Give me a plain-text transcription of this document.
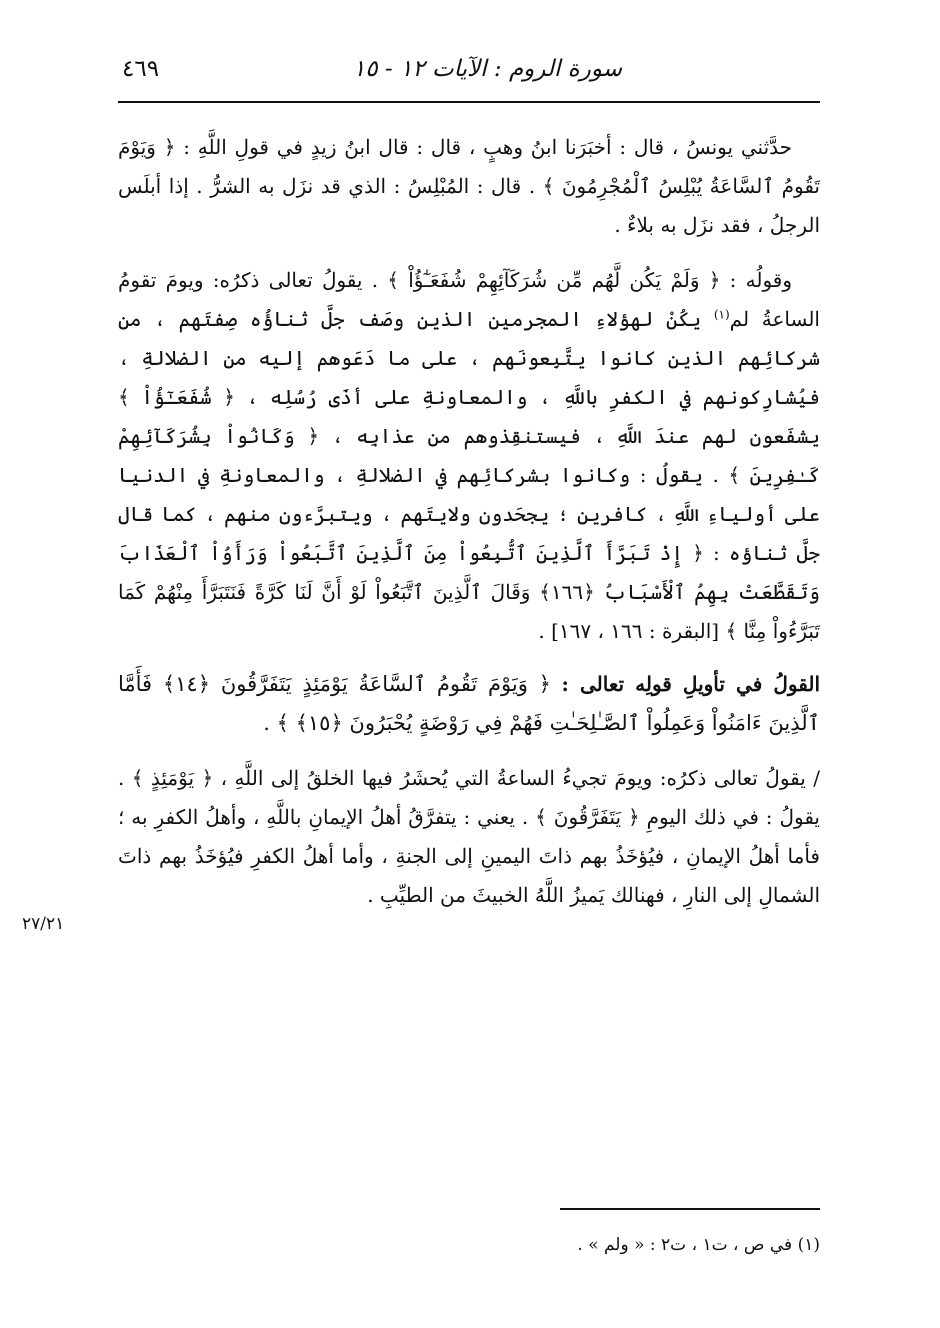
سورة الروم : الآيات ١٢ - ١٥
٤٦٩

حدَّثني يونسُ ، قال : أخبَرَنا ابنُ وهبٍ ، قال : قال ابنُ زيدٍ في قولِ اللَّهِ : ﴿ وَيَوْمَ تَقُومُ ٱلسَّاعَةُ يُبْلِسُ ٱلْمُجْرِمُونَ ﴾ . قال : المُبْلِسُ : الذي قد نزَل به الشرُّ . إذا أبلَس الرجلُ ، فقد نزَل به بلاءٌ .

وقولُه : ﴿ وَلَمْ يَكُن لَّهُم مِّن شُرَكَآئِهِمْ شُفَعَـٰٓؤُاْ ﴾ . يقولُ تعالى ذكرُه: ويومَ تقومُ الساعةُ لم$^{(١)}$ يكُنْ لهؤلاءِ المجرمين الذين وصَف جلَّ ثناؤُه صِفتَهم ، من شركائِهم الذين كانوا يتَّبِعونَهم ، على ما دَعَوهم إليه من الضلالةِ ، فيُشارِكونهم في الكفرِ باللَّهِ ، والمعاونةِ على أذَى رُسُلِه ، ﴿ شُفَعَـٰٓؤُاْ ﴾ يشفَعون لهم عندَ اللَّهِ ، فيستنقِذوهم من عذابِه ، ﴿ وَكَانُواْ بِشُرَكَآئِهِمْ كَـٰفِرِينَ ﴾ . يقولُ : وكانوا بشركائِهم في الضلالةِ ، والمعاونةِ في الدنيا على أولياءِ اللَّهِ ، كافرين ؛ يجحَدون ولايتَهم ، ويتبرَّءون منهم ، كما قال جلَّ ثناؤه : ﴿ إِذْ تَبَرَّأَ ٱلَّذِينَ ٱتُّبِعُواْ مِنَ ٱلَّذِينَ ٱتَّبَعُواْ وَرَأَوُاْ ٱلْعَذَابَ وَتَقَطَّعَتْ بِهِمُ ٱلْأَسْبَابُ ﴿١٦٦﴾ وَقَالَ ٱلَّذِينَ ٱتَّبَعُواْ لَوْ أَنَّ لَنَا كَرَّةً فَنَتَبَرَّأَ مِنْهُمْ كَمَا تَبَرَّءُواْ مِنَّا ﴾ [البقرة : ١٦٦ ، ١٦٧] .

القولُ في تأويلِ قولِه تعالى : ﴿ وَيَوْمَ تَقُومُ ٱلسَّاعَةُ يَوْمَئِذٍ يَتَفَرَّقُونَ ﴿١٤﴾ فَأَمَّا ٱلَّذِينَ ءَامَنُواْ وَعَمِلُواْ ٱلصَّـٰلِحَـٰتِ فَهُمْ فِي رَوْضَةٍ يُحْبَرُونَ ﴿١٥﴾ ﴾ .

/ يقولُ تعالى ذكرُه: ويومَ تجيءُ الساعةُ التي يُحشَرُ فيها الخلقُ إلى اللَّهِ ، ﴿ يَوْمَئِذٍ ﴾ . يقولُ : في ذلك اليومِ ﴿ يَتَفَرَّقُونَ ﴾ . يعني : يتفرَّقُ أهلُ الإيمانِ باللَّهِ ، وأهلُ الكفرِ به ؛ فأما أهلُ الإيمانِ ، فيُؤخَذُ بهم ذاتَ اليمينِ إلى الجنةِ ، وأما أهلُ الكفرِ فيُؤخَذُ بهم ذاتَ الشمالِ إلى النارِ ، فهنالك يَميزُ اللَّهُ الخبيثَ من الطيِّبِ .

٢٧/٢١
(١) في ص ، ت١ ، ت٢ : « ولم » .
